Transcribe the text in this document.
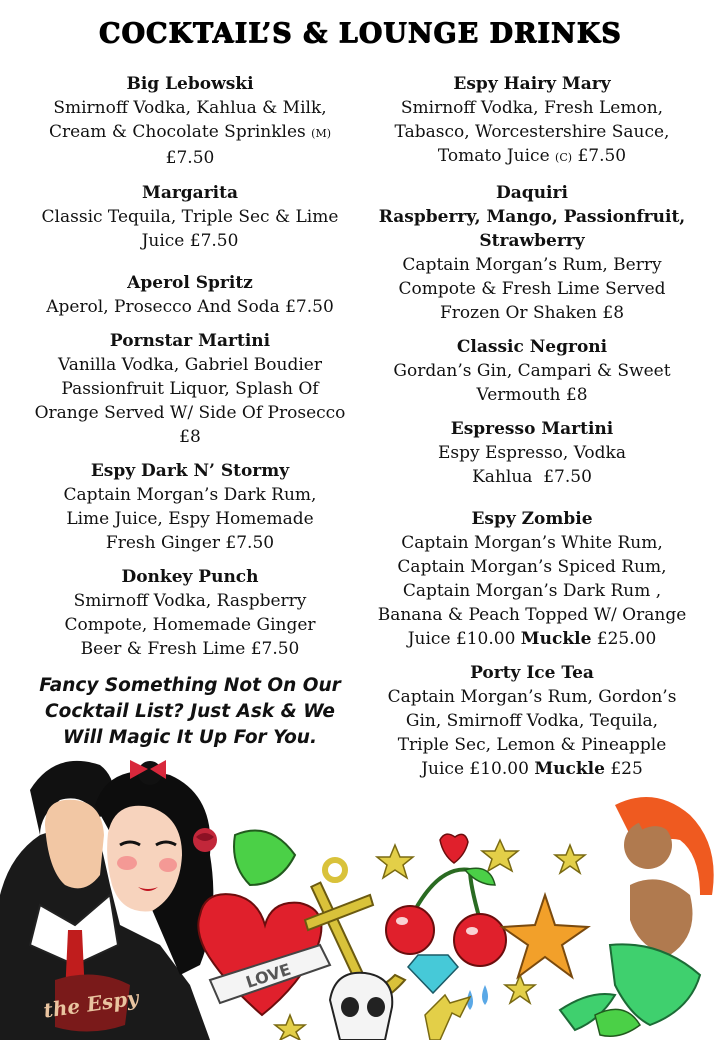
COCKTAIL’S & LOUNGE DRINKS
Big Lebowski
Smirnoff Vodka, Kahlua & Milk,
Cream & Chocolate Sprinkles (M)
£7.50
Margarita
Classic Tequila, Triple Sec & Lime
Juice £7.50
Aperol Spritz
Aperol, Prosecco And Soda £7.50
Pornstar Martini
Vanilla Vodka, Gabriel Boudier
Passionfruit Liquor, Splash Of
Orange Served W/ Side Of Prosecco
£8
Espy Dark N’ Stormy
Captain Morgan’s Dark Rum,
Lime Juice, Espy Homemade
Fresh Ginger £7.50
Donkey Punch
Smirnoff Vodka, Raspberry
Compote, Homemade Ginger
Beer & Fresh Lime £7.50
Fancy Something Not On Our
Cocktail List? Just Ask & We
Will Magic It Up For You.
Espy Hairy Mary
Smirnoff Vodka, Fresh Lemon,
Tabasco, Worcestershire Sauce,
Tomato Juice (C) £7.50
Daquiri
Raspberry, Mango, Passionfruit,
Strawberry
Captain Morgan’s Rum, Berry
Compote & Fresh Lime Served
Frozen Or Shaken £8
Classic Negroni
Gordan’s Gin, Campari & Sweet
Vermouth £8
Espresso Martini
Espy Espresso, Vodka
Kahlua  £7.50
Espy Zombie
Captain Morgan’s White Rum,
Captain Morgan’s Spiced Rum,
Captain Morgan’s Dark Rum ,
Banana & Peach Topped W/ Orange
Juice £10.00 Muckle £25.00
Porty Ice Tea
Captain Morgan’s Rum, Gordon’s
Gin, Smirnoff Vodka, Tequila,
Triple Sec, Lemon & Pineapple
Juice £10.00 Muckle £25
the Espy
LOVE
